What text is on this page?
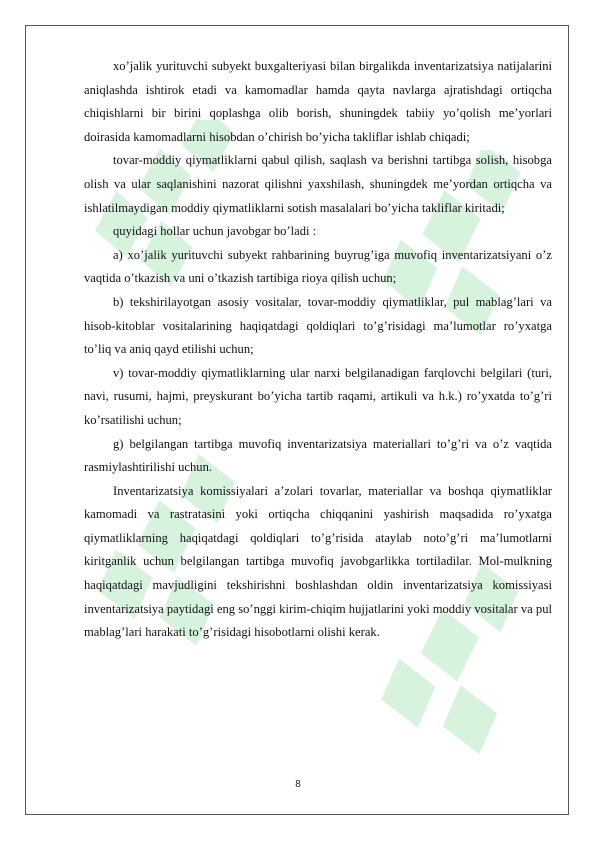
xo’jalik yurituvchi subyekt buxgalteriyasi bilan birgalikda inventarizatsiya natijalarini aniqlashda ishtirok etadi va kamomadlar hamda qayta navlarga ajratishdagi ortiqcha chiqishlarni bir birini qoplashga olib borish, shuningdek tabiiy yo’qolish me’yorlari doirasida kamomadlarni hisobdan o’chirish bo’yicha takliflar ishlab chiqadi;

tovar-moddiy qiymatliklarni qabul qilish, saqlash va berishni tartibga solish, hisobga olish va ular saqlanishini nazorat qilishni yaxshilash, shuningdek me’yordan ortiqcha va ishlatilmaydigan moddiy qiymatliklarni sotish masalalari bo’yicha takliflar kiritadi;

quyidagi hollar uchun javobgar bo’ladi :

a) xo’jalik yurituvchi subyekt rahbarining buyrug’iga muvofiq inventarizatsiyani o’z vaqtida o’tkazish va uni o’tkazish tartibiga rioya qilish uchun;

b) tekshirilayotgan asosiy vositalar, tovar-moddiy qiymatliklar, pul mablag’lari va hisob-kitoblar vositalarining haqiqatdagi qoldiqlari to’g’risidagi ma’lumotlar ro’yxatga to’liq va aniq qayd etilishi uchun;

v) tovar-moddiy qiymatliklarning ular narxi belgilanadigan farqlovchi belgilari (turi, navi, rusumi, hajmi, preyskurant bo’yicha tartib raqami, artikuli va h.k.) ro’yxatda to’g’ri ko’rsatilishi uchun;

g) belgilangan tartibga muvofiq inventarizatsiya materiallari to’g’ri va o’z vaqtida rasmiylashtirilishi uchun.

Inventarizatsiya komissiyalari a’zolari tovarlar, materiallar va boshqa qiymatliklar kamomadi va rastratasini yoki ortiqcha chiqqanini yashirish maqsadida ro’yxatga qiymatliklarning haqiqatdagi qoldiqlari to’g’risida ataylab noto’g’ri ma’lumotlarni kiritganlik uchun belgilangan tartibga muvofiq javobgarlikka tortiladilar. Mol-mulkning haqiqatdagi mavjudligini tekshirishni boshlashdan oldin inventarizatsiya komissiyasi inventarizatsiya paytidagi eng so’nggi kirim-chiqim hujjatlarini yoki moddiy vositalar va pul mablag’lari harakati to’g’risidagi hisobotlarni olishi kerak.

8
